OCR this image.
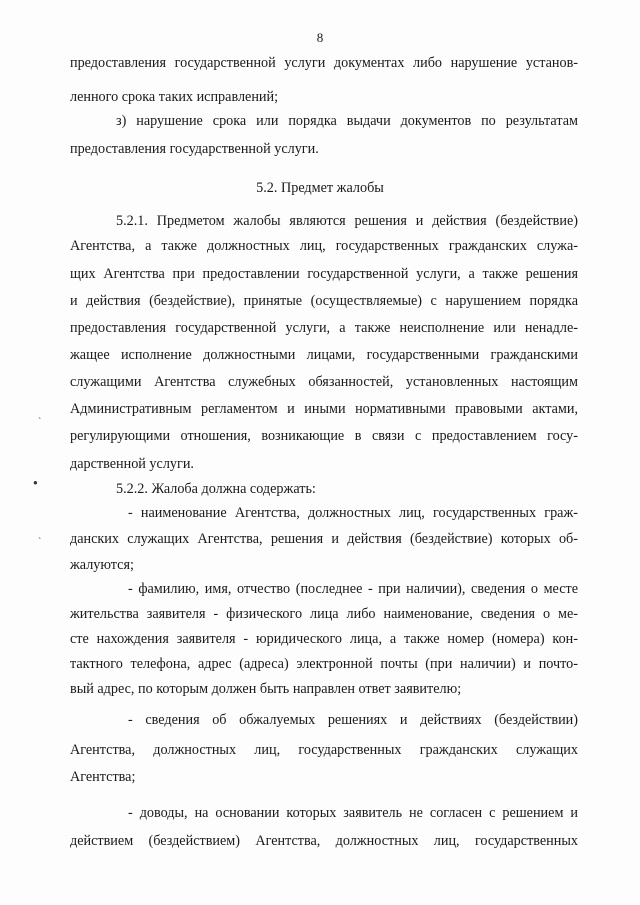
8

предоставления государственной услуги документах либо нарушение установ-

ленного срока таких исправлений;

з) нарушение срока или порядка выдачи документов по результатам

предоставления государственной услуги.

5.2. Предмет жалобы

5.2.1. Предметом жалобы являются решения и действия (бездействие)

Агентства, а также должностных лиц, государственных гражданских служа-

щих Агентства при предоставлении государственной услуги, а также решения

и действия (бездействие), принятые (осуществляемые) с нарушением порядка

предоставления государственной услуги, а также неисполнение или ненадле-

жащее исполнение должностными лицами, государственными гражданскими

служащими Агентства служебных обязанностей, установленных настоящим

Административным регламентом и иными нормативными правовыми актами,

регулирующими отношения, возникающие в связи с предоставлением госу-

дарственной услуги.

5.2.2. Жалоба должна содержать:

- наименование Агентства, должностных лиц, государственных граж-

данских служащих Агентства, решения и действия (бездействие) которых об-

жалуются;

- фамилию, имя, отчество (последнее - при наличии), сведения о месте

жительства заявителя - физического лица либо наименование, сведения о ме-

сте нахождения заявителя - юридического лица, а также номер (номера) кон-

тактного телефона, адрес (адреса) электронной почты (при наличии) и почто-

вый адрес, по которым должен быть направлен ответ заявителю;

- сведения об обжалуемых решениях и действиях (бездействии)

Агентства, должностных лиц, государственных гражданских служащих

Агентства;

- доводы, на основании которых заявитель не согласен с решением и

действием (бездействием) Агентства, должностных лиц, государственных

ˋ
●
ˋ
